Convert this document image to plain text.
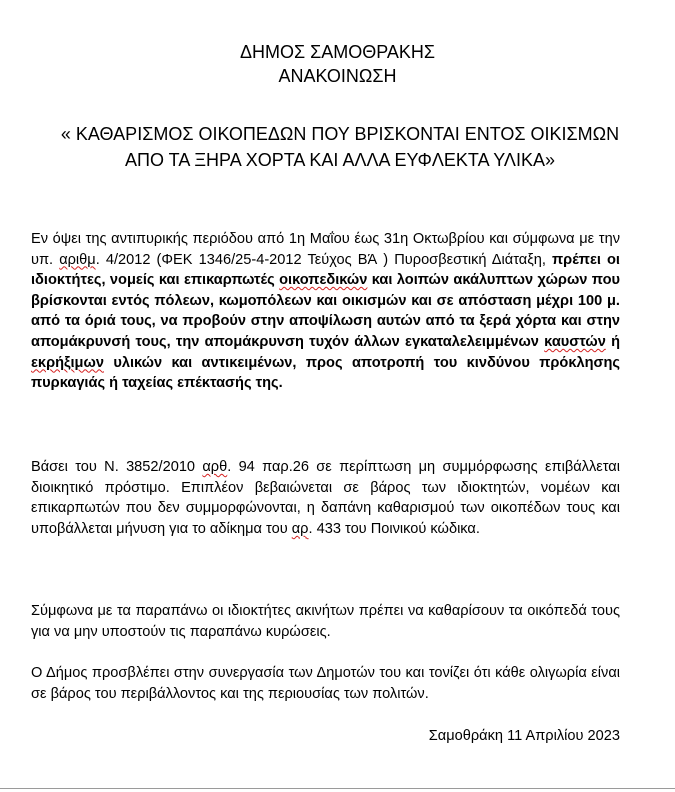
ΔΗΜΟΣ ΣΑΜΟΘΡΑΚΗΣ
ΑΝΑΚΟΙΝΩΣΗ
« ΚΑΘΑΡΙΣΜΟΣ ΟΙΚΟΠΕΔΩΝ ΠΟΥ ΒΡΙΣΚΟΝΤΑΙ ΕΝΤΟΣ ΟΙΚΙΣΜΩΝ ΑΠΟ ΤΑ ΞΗΡΑ ΧΟΡΤΑ ΚΑΙ ΑΛΛΑ ΕΥΦΛΕΚΤΑ ΥΛΙΚΑ»

Εν όψει της αντιπυρικής περιόδου από 1η Μαΐου έως 31η Οκτωβρίου και σύμφωνα με την υπ. αριθμ. 4/2012 (ΦΕΚ 1346/25-4-2012 Τεύχος ΒΆ ) Πυροσβεστική Διάταξη, πρέπει οι ιδιοκτήτες, νομείς και επικαρπωτές οικοπεδικών και λοιπών ακάλυπτων χώρων που βρίσκονται εντός πόλεων, κωμοπόλεων και οικισμών και σε απόσταση μέχρι 100 μ. από τα όριά τους, να προβούν στην αποψίλωση αυτών από τα ξερά χόρτα και στην απομάκρυνσή τους, την απομάκρυνση τυχόν άλλων εγκαταλελειμμένων καυστών ή εκρήξιμων υλικών και αντικειμένων, προς αποτροπή του κινδύνου πρόκλησης πυρκαγιάς ή ταχείας επέκτασής της.

Βάσει του Ν. 3852/2010 αρθ. 94 παρ.26 σε περίπτωση μη συμμόρφωσης επιβάλλεται διοικητικό πρόστιμο. Επιπλέον βεβαιώνεται σε βάρος των ιδιοκτητών, νομέων και επικαρπωτών που δεν συμμορφώνονται, η δαπάνη καθαρισμού των οικοπέδων τους και υποβάλλεται μήνυση για το αδίκημα του αρ. 433 του Ποινικού κώδικα.

Σύμφωνα με τα παραπάνω οι ιδιοκτήτες ακινήτων πρέπει να καθαρίσουν τα οικόπεδά τους για να μην υποστούν τις παραπάνω κυρώσεις.

Ο Δήμος προσβλέπει στην συνεργασία των Δημοτών του και τονίζει ότι κάθε ολιγωρία είναι σε βάρος του περιβάλλοντος και της περιουσίας των πολιτών.

Σαμοθράκη 11 Απριλίου 2023
